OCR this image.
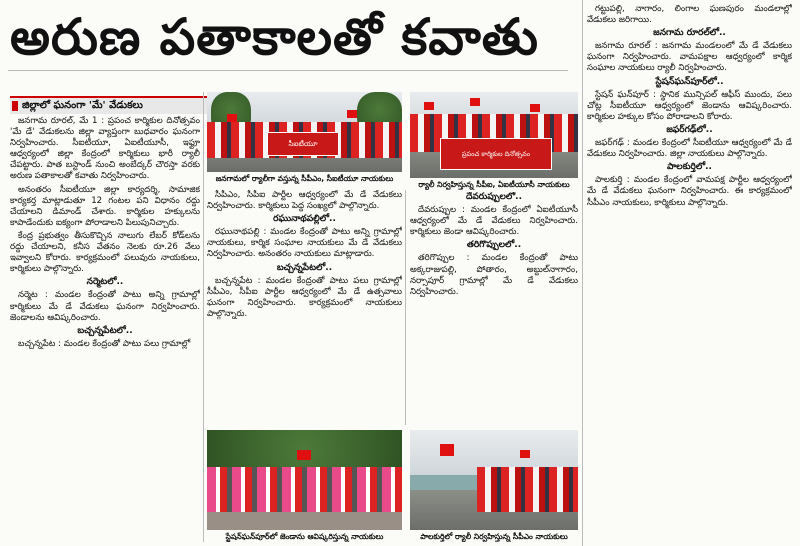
అరుణ పతాకాలతో కవాతు
జిల్లాలో ఘనంగా 'మే' వేడుకలు

జనగామ రూరల్‌, మే 1 : ప్రపంచ కార్మికుల దినోత్సవం 'మే డే' వేడుకలను జిల్లా వ్యాప్తంగా బుధవారం ఘనంగా నిర్వహించారు. సీఐటీయూ, ఏఐటీయూసీ, ఇఫ్టూ ఆధ్వర్యంలో జిల్లా కేంద్రంలో కార్మికులు భారీ ర్యాలీ చేపట్టారు. పాత బస్టాండ్‌ నుంచి అంబేద్కర్‌ చౌరస్తా వరకు అరుణ పతాకాలతో కవాతు నిర్వహించారు.

అనంతరం సీఐటీయూ జిల్లా కార్యదర్శి, సామాజిక కార్యకర్త మాట్లాడుతూ 12 గంటల పని విధానం రద్దు చేయాలని డిమాండ్‌ చేశారు. కార్మికుల హక్కులను కాపాడేందుకు ఐక్యంగా పోరాడాలని పిలుపునిచ్చారు.

కేంద్ర ప్రభుత్వం తీసుకొచ్చిన నాలుగు లేబర్‌ కోడ్‌లను రద్దు చేయాలని, కనీస వేతనం నెలకు రూ.26 వేలు ఇవ్వాలని కోరారు. కార్యక్రమంలో పలువురు నాయకులు, కార్మికులు పాల్గొన్నారు.

నర్మెటలో..

నర్మెట : మండల కేంద్రంతో పాటు అన్ని గ్రామాల్లో కార్మికులు మే డే వేడుకలు ఘనంగా నిర్వహించారు. జెండాలను ఆవిష్కరించారు.

బచ్చన్నపేటలో..

బచ్చన్నపేట : మండల కేంద్రంతో పాటు పలు గ్రామాల్లో

సీఐటీయూ
జనగామలో ర్యాలీగా వస్తున్న సీపీఎం, సీఐటీయూ నాయకులు
ప్రపంచ కార్మికుల దినోత్సవం
ర్యాలీ నిర్వహిస్తున్న సీపీఐ, ఏఐటీయూసీ నాయకులు

సీపీఎం, సీపీఐ పార్టీల ఆధ్వర్యంలో మే డే వేడుకలు నిర్వహించారు. కార్మికులు పెద్ద సంఖ్యలో పాల్గొన్నారు.

రఘునాథపల్లిలో..

రఘునాథపల్లి : మండల కేంద్రంతో పాటు అన్ని గ్రామాల్లో నాయకులు, కార్మిక సంఘాల నాయకులు మే డే వేడుకలు నిర్వహించారు. అనంతరం నాయకులు మాట్లాడారు.

బచ్చన్నపేటలో..

బచ్చన్నపేట : మండల కేంద్రంతో పాటు పలు గ్రామాల్లో సీపీఎం, సీపీఐ పార్టీల ఆధ్వర్యంలో మే డే ఉత్సవాలు ఘనంగా నిర్వహించారు. కార్యక్రమంలో నాయకులు పాల్గొన్నారు.

దేవరుప్పులలో..

దేవరుప్పుల : మండల కేంద్రంలో ఏఐటీయూసీ ఆధ్వర్యంలో మే డే వేడుకలు నిర్వహించారు. కార్మికులు జెండా ఆవిష్కరించారు.

తరిగొప్పులలో..

తరిగొప్పుల : మండల కేంద్రంతో పాటు అక్కరాజుపల్లి, పోతారం, అబ్దుల్‌నాగారం, నర్సాపూర్‌ గ్రామాల్లో మే డే వేడుకలు నిర్వహించారు.

స్టేషన్‌ఘన్‌పూర్‌లో జెండాను ఆవిష్కరిస్తున్న నాయకులు	పాలకుర్తిలో ర్యాలీ నిర్వహిస్తున్న సీపీఎం నాయకులు

గట్టుపల్లి, నాగారం, లింగాల ఘణపురం మండలాల్లో వేడుకలు జరిగాయి.

జనగామ రూరల్‌లో..

జనగామ రూరల్‌ : జనగామ మండలంలో మే డే వేడుకలు ఘనంగా నిర్వహించారు. వామపక్షాల ఆధ్వర్యంలో కార్మిక సంఘాల నాయకులు ర్యాలీ నిర్వహించారు.

స్టేషన్‌ఘన్‌పూర్‌లో..

స్టేషన్‌ ఘన్‌పూర్‌ : స్థానిక మున్సిపల్‌ ఆఫీస్‌ ముందు, పలు చోట్ల సీఐటీయూ ఆధ్వర్యంలో జెండాను ఆవిష్కరించారు. కార్మికుల హక్కుల కోసం పోరాడాలని కోరారు.

జఫర్‌గఢ్‌లో..

జఫర్‌గఢ్‌ : మండల కేంద్రంలో సీఐటీయూ ఆధ్వర్యంలో మే డే వేడుకలు నిర్వహించారు. జిల్లా నాయకులు పాల్గొన్నారు.

పాలకుర్తిలో..

పాలకుర్తి : మండల కేంద్రంలో వామపక్ష పార్టీల ఆధ్వర్యంలో మే డే వేడుకలు ఘనంగా నిర్వహించారు. ఈ కార్యక్రమంలో సీపీఎం నాయకులు, కార్మికులు పాల్గొన్నారు.
